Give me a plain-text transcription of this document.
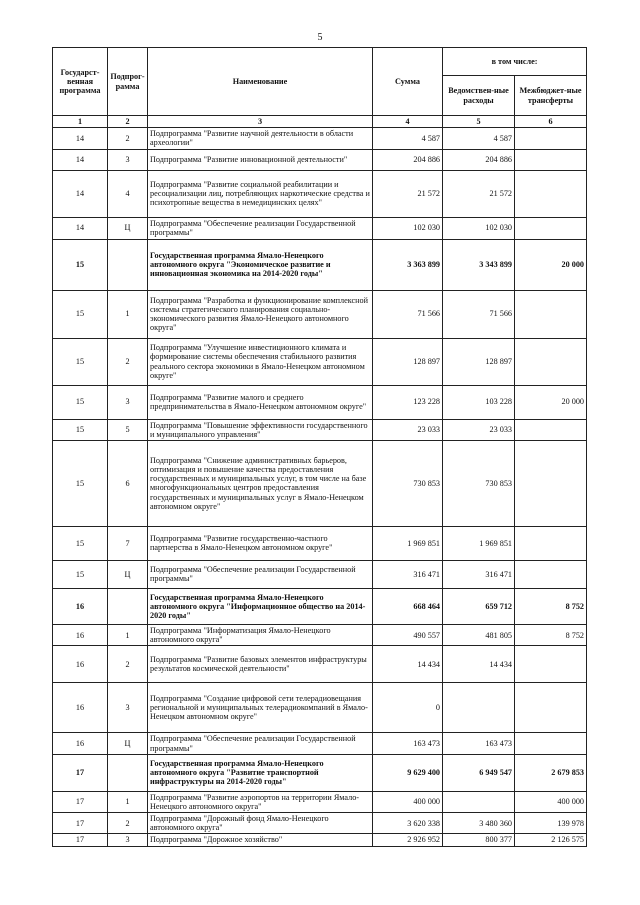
5
Государст-венная программа	Подпрог-рамма	Наименование	Сумма	в том числе:	
				Ведомствен-ные расходы	Межбюджет-ные трансферты
1	2	3	4	5	6
14	2	Подпрограмма "Развитие научной деятельности в области археологии"	4 587	4 587	
14	3	Подпрограмма "Развитие инновационной деятельности"	204 886	204 886	
14	4	Подпрограмма "Развитие социальной реабилитации и ресоциализации лиц, потребляющих наркотические средства и психотропные вещества в немедицинских целях"	21 572	21 572	
14	Ц	Подпрограмма "Обеспечение реализации Государственной программы"	102 030	102 030	
15		Государственная программа Ямало-Ненецкого автономного округа "Экономическое развитие и инновационная экономика на 2014-2020 годы"	3 363 899	3 343 899	20 000
15	1	Подпрограмма "Разработка и функционирование комплексной системы стратегического планирования социально-экономического развития Ямало-Ненецкого автономного округа"	71 566	71 566	
15	2	Подпрограмма "Улучшение инвестиционного климата и формирование системы обеспечения стабильного развития реального сектора экономики в Ямало-Ненецком автономном округе"	128 897	128 897	
15	3	Подпрограмма "Развитие малого и среднего предпринимательства в Ямало-Ненецком автономном округе"	123 228	103 228	20 000
15	5	Подпрограмма "Повышение эффективности государственного и муниципального управления"	23 033	23 033	
15	6	Подпрограмма "Снижение административных барьеров, оптимизация и повышение качества предоставления государственных и муниципальных услуг, в том числе на базе многофункциональных центров предоставления государственных и муниципальных услуг в Ямало-Ненецком автономном округе"	730 853	730 853	
15	7	Подпрограмма "Развитие государственно-частного партнерства в Ямало-Ненецком автономном округе"	1 969 851	1 969 851	
15	Ц	Подпрограмма "Обеспечение реализации Государственной программы"	316 471	316 471	
16		Государственная программа Ямало-Ненецкого автономного округа "Информационное общество на 2014-2020 годы"	668 464	659 712	8 752
16	1	Подпрограмма "Информатизация Ямало-Ненецкого автономного округа"	490 557	481 805	8 752
16	2	Подпрограмма "Развитие базовых элементов инфраструктуры результатов космической деятельности"	14 434	14 434	
16	3	Подпрограмма "Создание цифровой сети телерадиовещания региональной и муниципальных телерадиокомпаний в Ямало-Ненецком автономном округе"	0		
16	Ц	Подпрограмма "Обеспечение реализации Государственной программы"	163 473	163 473	
17		Государственная программа Ямало-Ненецкого автономного округа "Развитие транспортной инфраструктуры на 2014-2020 годы"	9 629 400	6 949 547	2 679 853
17	1	Подпрограмма "Развитие аэропортов на территории Ямало-Ненецкого автономного округа"	400 000		400 000
17	2	Подпрограмма "Дорожный фонд Ямало-Ненецкого автономного округа"	3 620 338	3 480 360	139 978
17	3	Подпрограмма "Дорожное хозяйство"	2 926 952	800 377	2 126 575
